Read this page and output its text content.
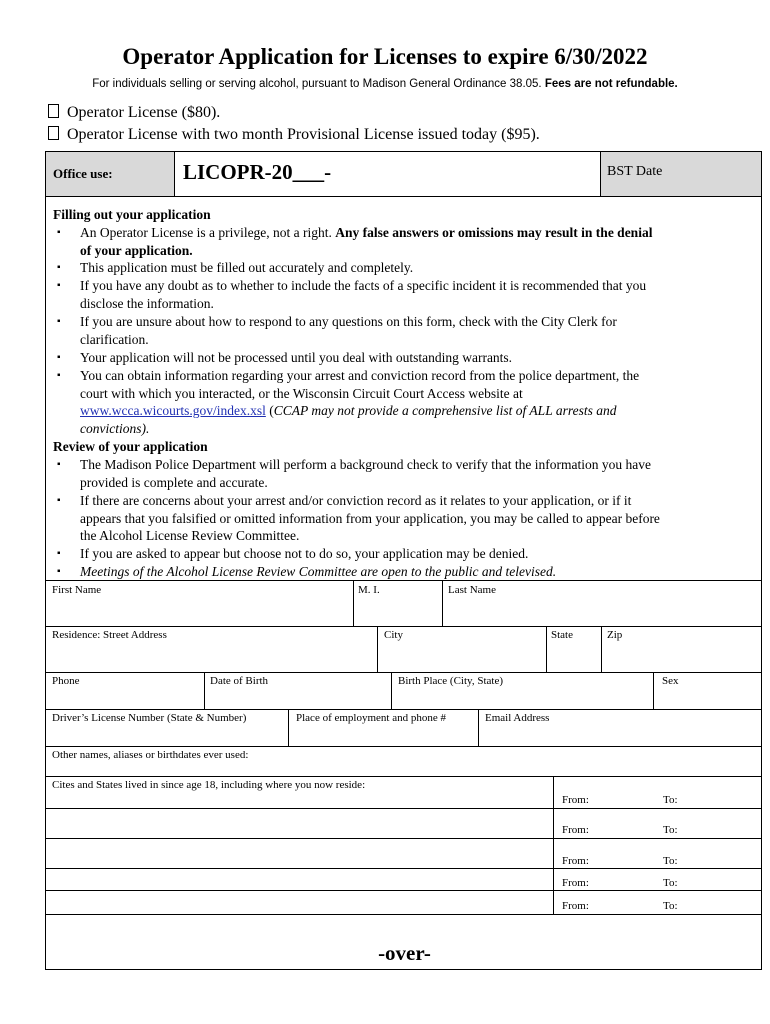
Operator Application for Licenses to expire 6/30/2022
For individuals selling or serving alcohol, pursuant to Madison General Ordinance 38.05. Fees are not refundable.
Operator License ($80).
Operator License with two month Provisional License issued today ($95).
Office use:	LICOPR-20___-	BST Date
Filling out your application
▪ An Operator License is a privilege, not a right. Any false answers or omissions may result in the denial
of your application.
▪ This application must be filled out accurately and completely.
▪ If you have any doubt as to whether to include the facts of a specific incident it is recommended that you
disclose the information.
▪ If you are unsure about how to respond to any questions on this form, check with the City Clerk for
clarification.
▪ Your application will not be processed until you deal with outstanding warrants.
▪ You can obtain information regarding your arrest and conviction record from the police department, the
court with which you interacted, or the Wisconsin Circuit Court Access website at
www.wcca.wicourts.gov/index.xsl (CCAP may not provide a comprehensive list of ALL arrests and
convictions).
Review of your application
▪ The Madison Police Department will perform a background check to verify that the information you have
provided is complete and accurate.
▪ If there are concerns about your arrest and/or conviction record as it relates to your application, or if it
appears that you falsified or omitted information from your application, you may be called to appear before
the Alcohol License Review Committee.
▪ If you are asked to appear but choose not to do so, your application may be denied.
▪ Meetings of the Alcohol License Review Committee are open to the public and televised.
First Name	M. I.	Last Name
Residence: Street Address	City	State	Zip
Phone	Date of Birth	Birth Place (City, State)	Sex
Driver’s License Number (State & Number)	Place of employment and phone #	Email Address
Other names, aliases or birthdates ever used:
Cites and States lived in since age 18, including where you now reside:
From:	To:
From:	To:
From:	To:
From:	To:
From:	To:
-over-
